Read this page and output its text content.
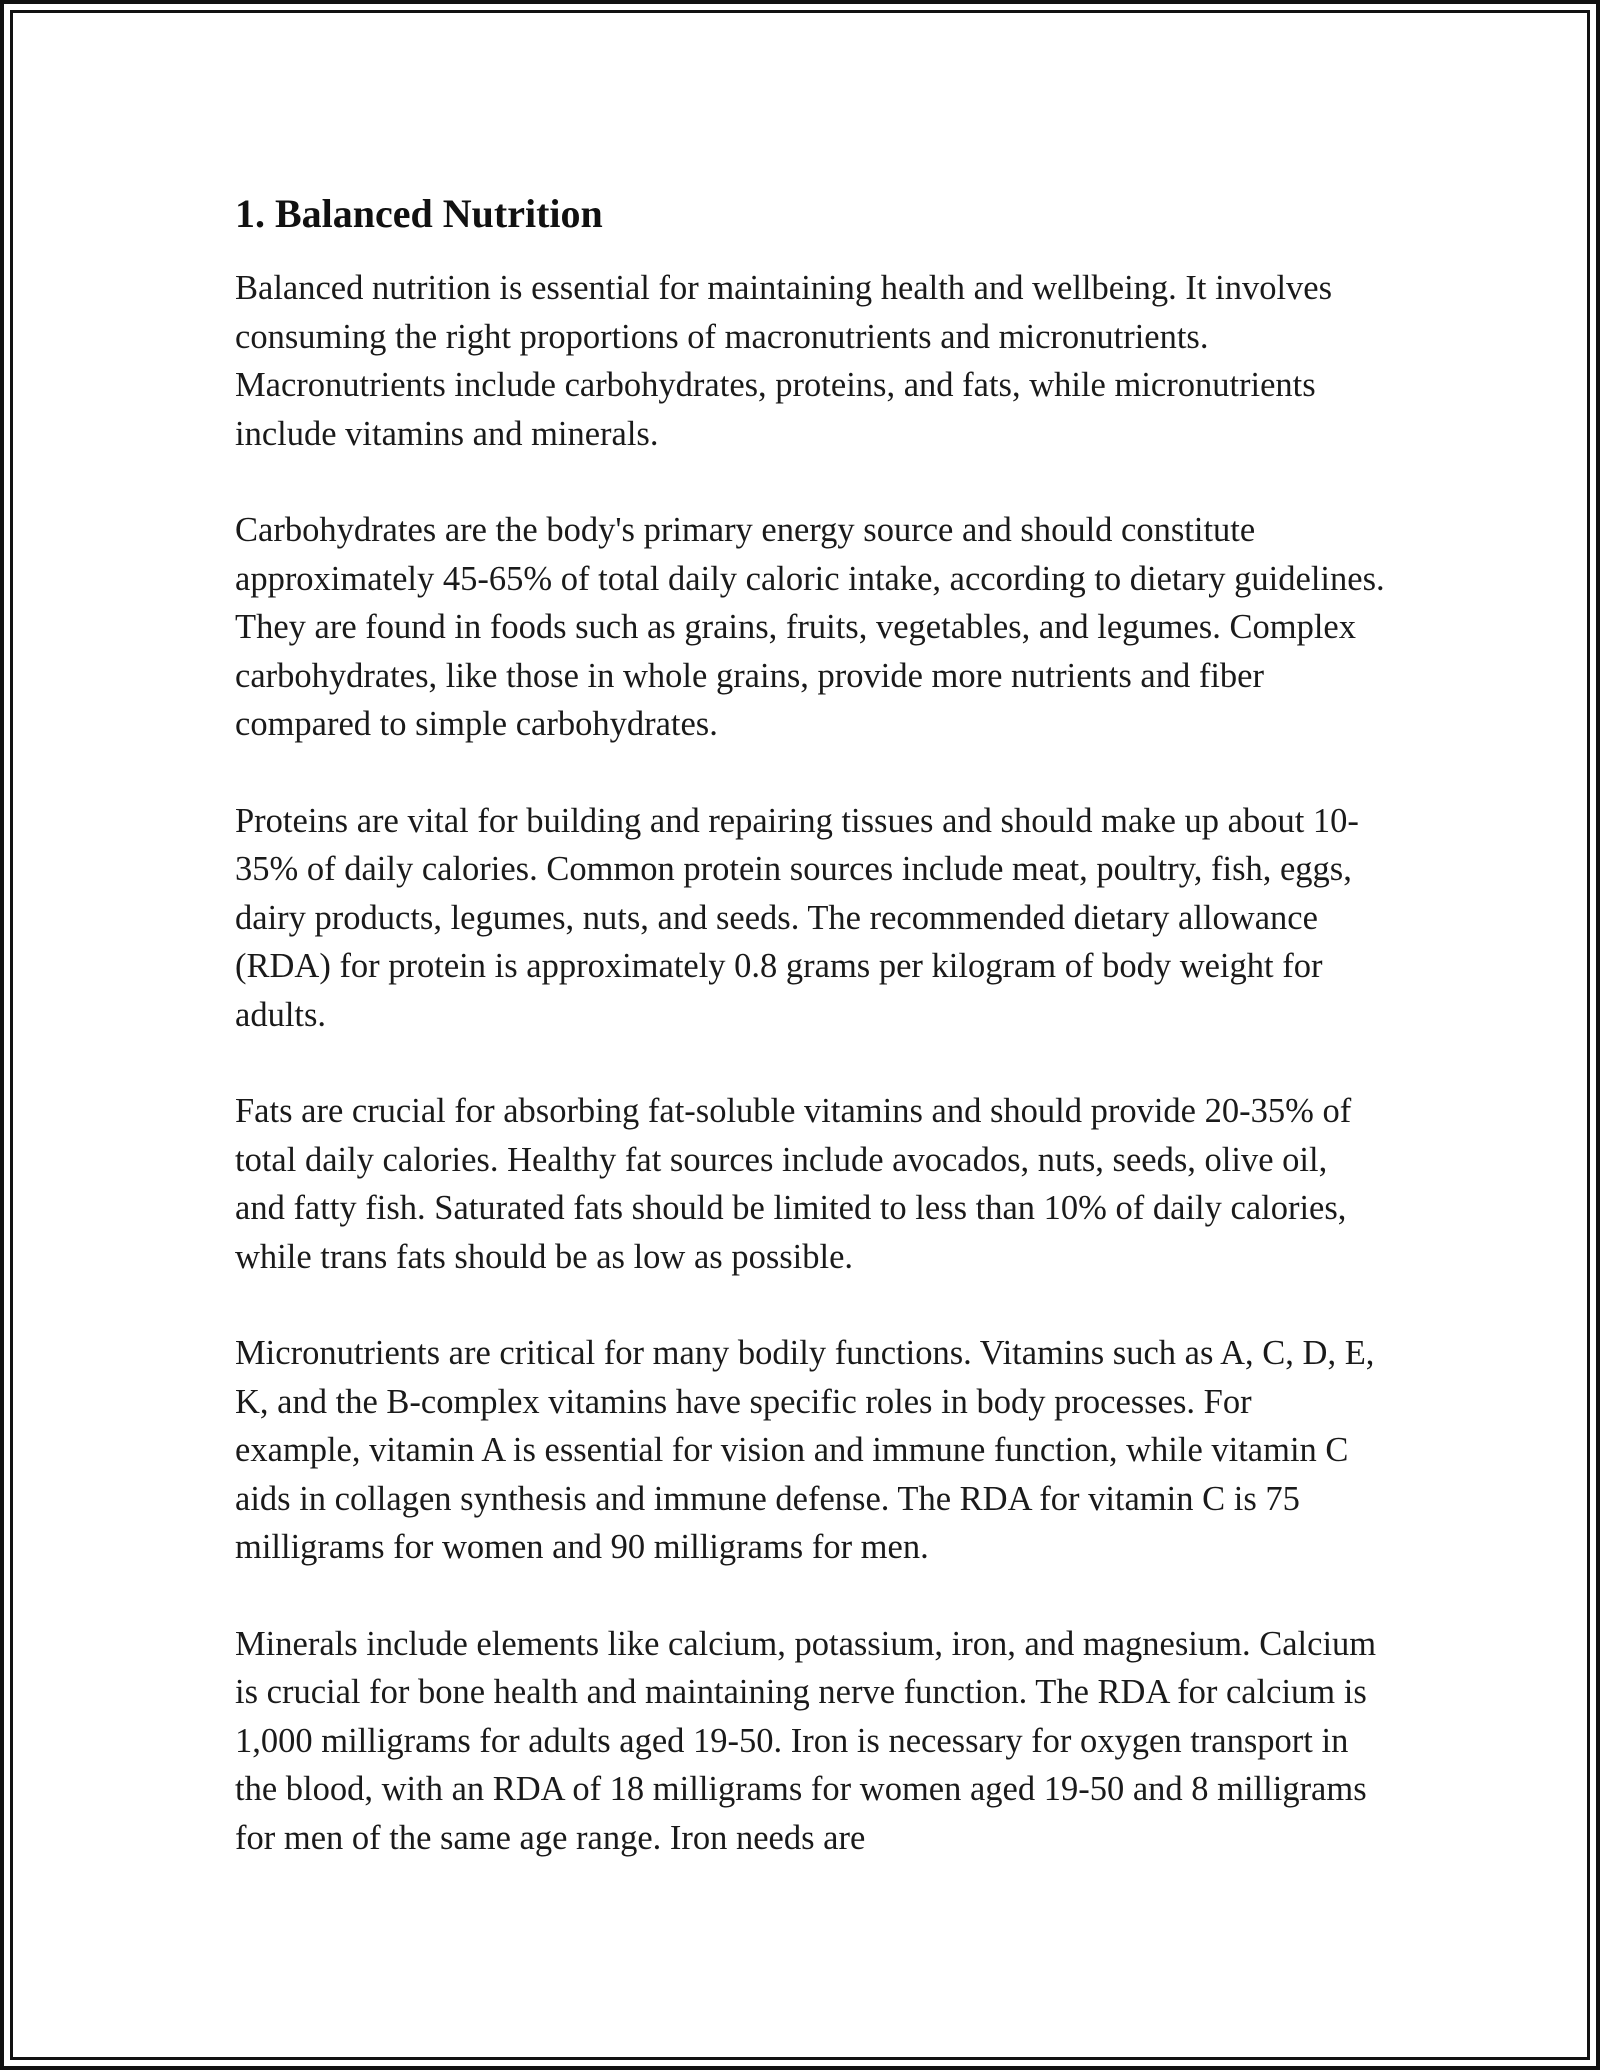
1. Balanced Nutrition

Balanced nutrition is essential for maintaining health and wellbeing. It involves consuming the right proportions of macronutrients and micronutrients. Macronutrients include carbohydrates, proteins, and fats, while micronutrients include vitamins and minerals.

Carbohydrates are the body's primary energy source and should constitute approximately 45-65% of total daily caloric intake, according to dietary guidelines. They are found in foods such as grains, fruits, vegetables, and legumes. Complex carbohydrates, like those in whole grains, provide more nutrients and fiber compared to simple carbohydrates.

Proteins are vital for building and repairing tissues and should make up about 10-35% of daily calories. Common protein sources include meat, poultry, fish, eggs, dairy products, legumes, nuts, and seeds. The recommended dietary allowance (RDA) for protein is approximately 0.8 grams per kilogram of body weight for adults.

Fats are crucial for absorbing fat-soluble vitamins and should provide 20-35% of total daily calories. Healthy fat sources include avocados, nuts, seeds, olive oil, and fatty fish. Saturated fats should be limited to less than 10% of daily calories, while trans fats should be as low as possible.

Micronutrients are critical for many bodily functions. Vitamins such as A, C, D, E, K, and the B-complex vitamins have specific roles in body processes. For example, vitamin A is essential for vision and immune function, while vitamin C aids in collagen synthesis and immune defense. The RDA for vitamin C is 75 milligrams for women and 90 milligrams for men.

Minerals include elements like calcium, potassium, iron, and magnesium. Calcium is crucial for bone health and maintaining nerve function. The RDA for calcium is 1,000 milligrams for adults aged 19-50. Iron is necessary for oxygen transport in the blood, with an RDA of 18 milligrams for women aged 19-50 and 8 milligrams for men of the same age range. Iron needs are
